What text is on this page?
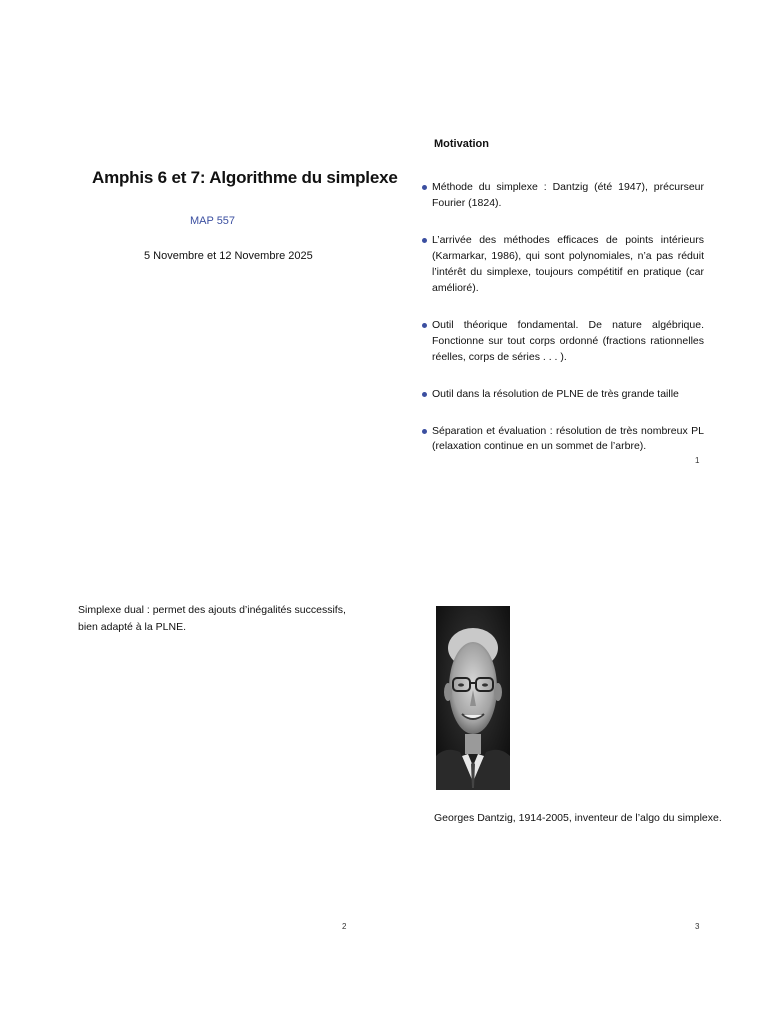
Amphis 6 et 7: Algorithme du simplexe
MAP 557
5 Novembre et 12 Novembre 2025
Motivation
Méthode du simplexe : Dantzig (été 1947), précurseur Fourier (1824).
L’arrivée des méthodes efficaces de points intérieurs (Karmarkar, 1986), qui sont polynomiales, n’a pas réduit l’intérêt du simplexe, toujours compétitif en pratique (car amélioré).
Outil théorique fondamental. De nature algébrique. Fonctionne sur tout corps ordonné (fractions rationnelles réelles, corps de séries . . . ).
Outil dans la résolution de PLNE de très grande taille
Séparation et évaluation : résolution de très nombreux PL (relaxation continue en un sommet de l’arbre).
1
Simplexe dual : permet des ajouts d’inégalités successifs, bien adapté à la PLNE.
2
Georges Dantzig, 1914-2005, inventeur de l’algo du simplexe.
3
